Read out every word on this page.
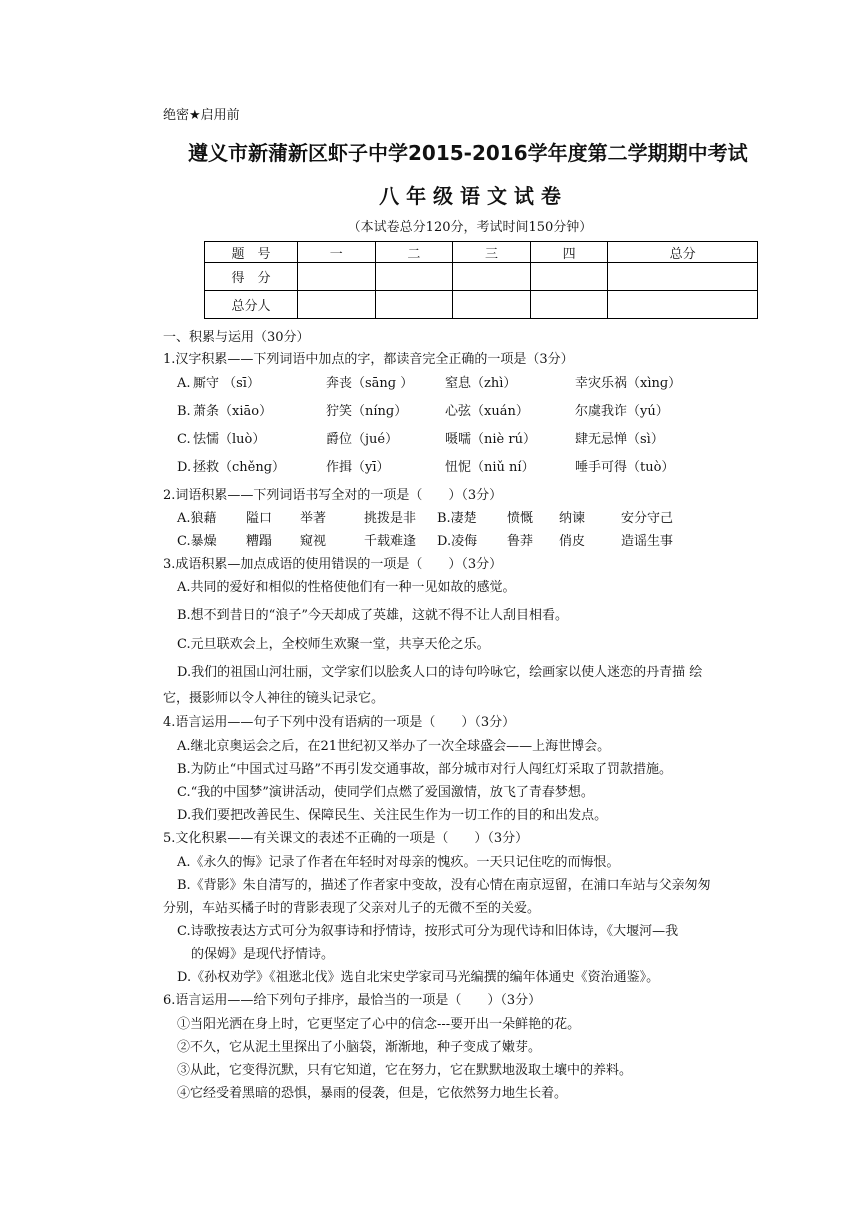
绝密★启用前
遵义市新蒲新区虾子中学2015-2016学年度第二学期期中考试
八 年 级 语 文 试 卷
（本试卷总分120分，考试时间150分钟）
题　号	一	二	三	四	总分
得　分					
总分人					
一、积累与运用（30分）
1.汉字积累——下列词语中加点的字，都读音完全正确的一项是（3分）
A. 厮守 （sī）	奔丧（sānɡ ） 窒息（zhì）	幸灾乐祸（xìnɡ）
B. 萧条（xiāo）	狞笑（nínɡ）	心弦（xuán）	尔虞我诈（yú）
C. 怯懦（luò）	爵位（jué）	嗫嚅（niè rú）	肆无忌惮（sì）
D. 拯救（chěnɡ）	作揖（yī）	忸怩（niǔ ní）	唾手可得（tuò）
2.词语积累——下列词语书写全对的一项是（　　）（3分）
A.狼藉 隘口 举著	挑拨是非 B.凄楚 愤慨 纳谏	安分守己
C.暴燥 糟蹋 窥视	千载难逢 D.凌侮 鲁莽 俏皮	造谣生事
3.成语积累—加点成语的使用错误的一项是（　　）（3分）
A.共同的爱好和相似的性格使他们有一种一见如故的感觉。
B.想不到昔日的“浪子”今天却成了英雄，这就不得不让人刮目相看。
C.元旦联欢会上，全校师生欢聚一堂，共享天伦之乐。
D.我们的祖国山河壮丽，文学家们以脍炙人口的诗句吟咏它，绘画家以使人迷恋的丹青描 绘
它，摄影师以令人神往的镜头记录它。
4.语言运用——句子下列中没有语病的一项是（　　）（3分）
A.继北京奥运会之后，在21世纪初又举办了一次全球盛会——上海世博会。
B.为防止“中国式过马路”不再引发交通事故，部分城市对行人闯红灯采取了罚款措施。
C.“我的中国梦”演讲活动，使同学们点燃了爱国激情，放飞了青春梦想。
D.我们要把改善民生、保障民生、关注民生作为一切工作的目的和出发点。
5.文化积累——有关课文的表述不正确的一项是（　　）（3分）
A.《永久的悔》记录了作者在年轻时对母亲的愧疚。一天只记住吃的而悔恨。
B.《背影》朱自清写的，描述了作者家中变故，没有心情在南京逗留，在浦口车站与父亲匆匆
分别，车站买橘子时的背影表现了父亲对儿子的无微不至的关爱。
C.诗歌按表达方式可分为叙事诗和抒情诗，按形式可分为现代诗和旧体诗，《大堰河—我
的保姆》是现代抒情诗。
D.《孙权劝学》《祖逖北伐》选自北宋史学家司马光编撰的编年体通史《资治通鉴》。
6.语言运用——给下列句子排序，最恰当的一项是（　　）（3分）
①当阳光洒在身上时，它更坚定了心中的信念---要开出一朵鲜艳的花。
②不久，它从泥土里探出了小脑袋，渐渐地，种子变成了嫩芽。
③从此，它变得沉默，只有它知道，它在努力，它在默默地汲取土壤中的养料。
④它经受着黑暗的恐惧，暴雨的侵袭，但是，它依然努力地生长着。
